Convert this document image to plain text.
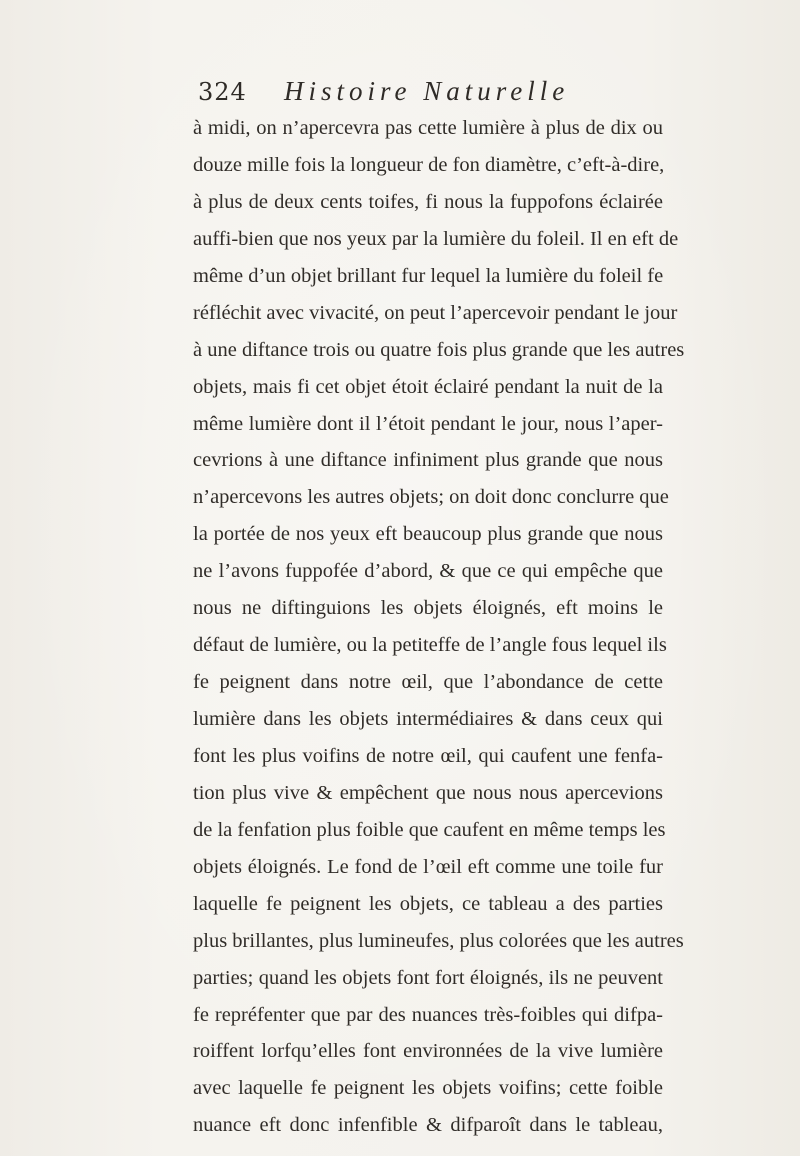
324 Histoire Naturelle
à midi, on n’apercevra pas cette lumière à plus de dix ou
douze mille fois la longueur de fon diamètre, c’eft-à-dire,
à plus de deux cents toifes, fi nous la fuppofons éclairée
auffi-bien que nos yeux par la lumière du foleil. Il en eft de
même d’un objet brillant fur lequel la lumière du foleil fe
réfléchit avec vivacité, on peut l’apercevoir pendant le jour
à une diftance trois ou quatre fois plus grande que les autres
objets, mais fi cet objet étoit éclairé pendant la nuit de la
même lumière dont il l’étoit pendant le jour, nous l’aper-
cevrions à une diftance infiniment plus grande que nous
n’apercevons les autres objets; on doit donc conclurre que
la portée de nos yeux eft beaucoup plus grande que nous
ne l’avons fuppofée d’abord, & que ce qui empêche que
nous ne diftinguions les objets éloignés, eft moins le
défaut de lumière, ou la petiteffe de l’angle fous lequel ils
fe peignent dans notre œil, que l’abondance de cette
lumière dans les objets intermédiaires & dans ceux qui
font les plus voifins de notre œil, qui caufent une fenfa-
tion plus vive & empêchent que nous nous apercevions
de la fenfation plus foible que caufent en même temps les
objets éloignés. Le fond de l’œil eft comme une toile fur
laquelle fe peignent les objets, ce tableau a des parties
plus brillantes, plus lumineufes, plus colorées que les autres
parties; quand les objets font fort éloignés, ils ne peuvent
fe repréfenter que par des nuances très-foibles qui difpa-
roiffent lorfqu’elles font environnées de la vive lumière
avec laquelle fe peignent les objets voifins; cette foible
nuance eft donc infenfible & difparoît dans le tableau,
